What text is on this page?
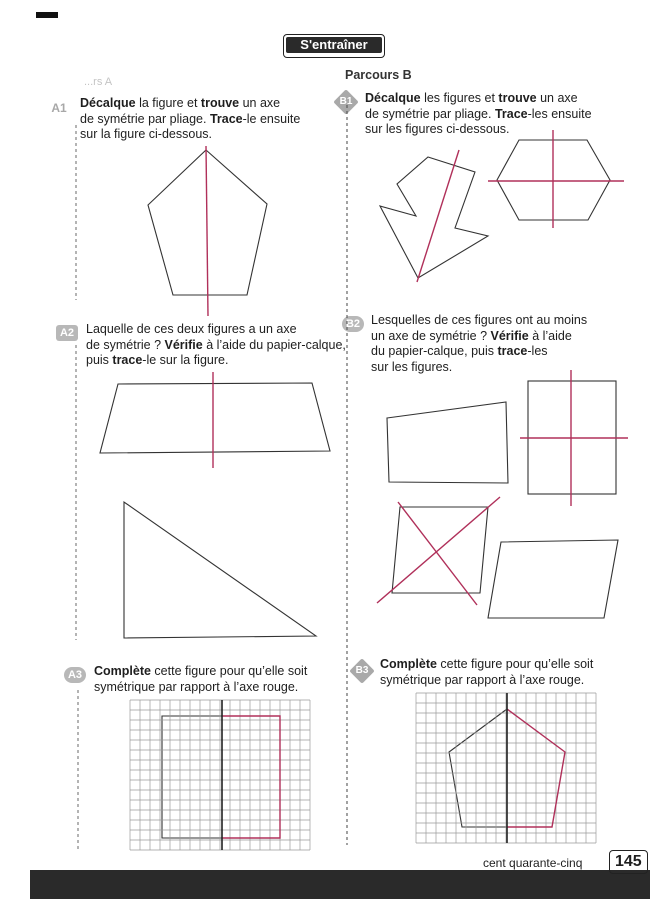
S'entraîner
...rs A	Parcours B
A1 Décalque la figure et trouve un axe
de symétrie par pliage. Trace-le ensuite
sur la figure ci-dessous.
B1 Décalque les figures et trouve un axe
de symétrie par pliage. Trace-les ensuite
sur les figures ci-dessous.
A2 Laquelle de ces deux figures a un axe
de symétrie ? Vérifie à l’aide du papier-calque,
puis trace-le sur la figure.
B2 Lesquelles de ces figures ont au moins
un axe de symétrie ? Vérifie à l’aide
du papier-calque, puis trace-les
sur les figures.
A3 Complète cette figure pour qu’elle soit
symétrique par rapport à l’axe rouge.
B3 Complète cette figure pour qu’elle soit
symétrique par rapport à l’axe rouge.
cent quarante-cinq	145
